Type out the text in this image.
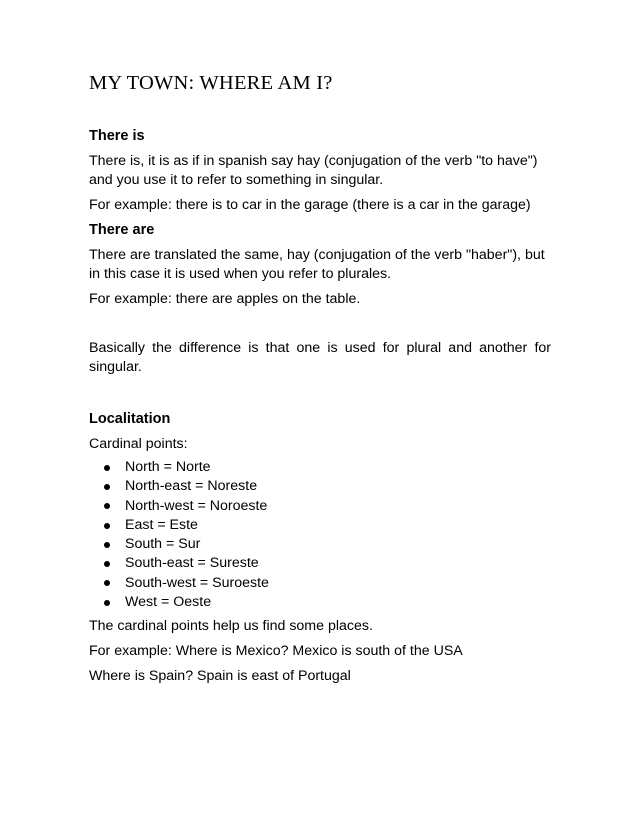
MY TOWN: WHERE AM I?
There is

There is, it is as if in spanish say hay (conjugation of the verb "to have") and you use it to refer to something in singular.

For example: there is to car in the garage (there is a car in the garage)

There are

There are translated the same, hay (conjugation of the verb "haber"), but in this case it is used when you refer to plurales.

For example: there are apples on the table.

Basically the difference is that one is used for plural and another for singular.

Localitation

Cardinal points:

North = Norte
North-east = Noreste
North-west = Noroeste
East = Este
South = Sur
South-east = Sureste
South-west = Suroeste
West = Oeste

The cardinal points help us find some places.

For example: Where is Mexico? Mexico is south of the USA

Where is Spain? Spain is east of Portugal
